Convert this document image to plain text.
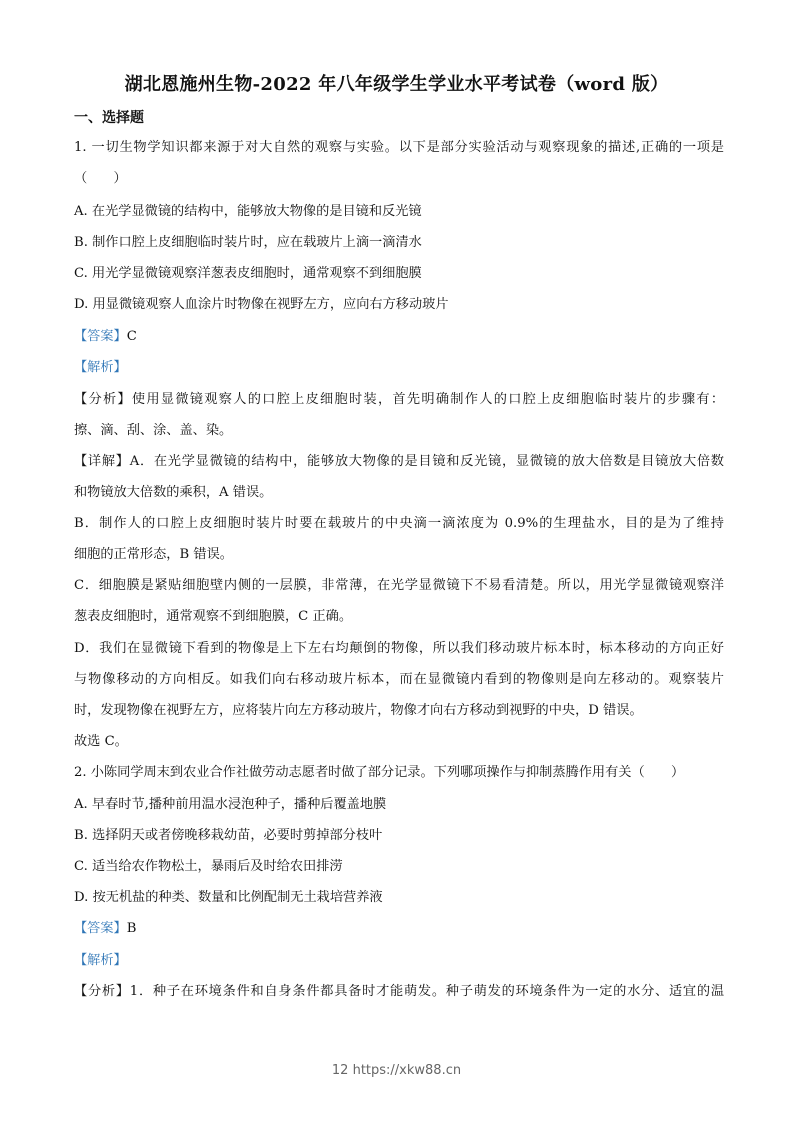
湖北恩施州生物-2022 年八年级学生学业水平考试卷（word 版）
一、选择题
1. 一切生物学知识都来源于对大自然的观察与实验。以下是部分实验活动与观察现象的描述,正确的一项是
（　　）
A. 在光学显微镜的结构中，能够放大物像的是目镜和反光镜
B. 制作口腔上皮细胞临时装片时，应在载玻片上滴一滴清水
C. 用光学显微镜观察洋葱表皮细胞时，通常观察不到细胞膜
D. 用显微镜观察人血涂片时物像在视野左方，应向右方移动玻片
【答案】C
【解析】
【分析】使用显微镜观察人的口腔上皮细胞时装，首先明确制作人的口腔上皮细胞临时装片的步骤有：
擦、滴、刮、涂、盖、染。
【详解】A．在光学显微镜的结构中，能够放大物像的是目镜和反光镜，显微镜的放大倍数是目镜放大倍数
和物镜放大倍数的乘积，A 错误。
B．制作人的口腔上皮细胞时装片时要在载玻片的中央滴一滴浓度为 0.9%的生理盐水，目的是为了维持
细胞的正常形态，B 错误。
C．细胞膜是紧贴细胞壁内侧的一层膜，非常薄，在光学显微镜下不易看清楚。所以，用光学显微镜观察洋
葱表皮细胞时，通常观察不到细胞膜，C 正确。
D．我们在显微镜下看到的物像是上下左右均颠倒的物像，所以我们移动玻片标本时，标本移动的方向正好
与物像移动的方向相反。如我们向右移动玻片标本，而在显微镜内看到的物像则是向左移动的。观察装片
时，发现物像在视野左方，应将装片向左方移动玻片，物像才向右方移动到视野的中央，D 错误。
故选 C。
2. 小陈同学周末到农业合作社做劳动志愿者时做了部分记录。下列哪项操作与抑制蒸腾作用有关（　　）
A. 早春时节,播种前用温水浸泡种子，播种后覆盖地膜
B. 选择阴天或者傍晚移栽幼苗，必要时剪掉部分枝叶
C. 适当给农作物松土，暴雨后及时给农田排涝
D. 按无机盐的种类、数量和比例配制无土栽培营养液
【答案】B
【解析】
【分析】1．种子在环境条件和自身条件都具备时才能萌发。种子萌发的环境条件为一定的水分、适宜的温
12 https://xkw88.cn
